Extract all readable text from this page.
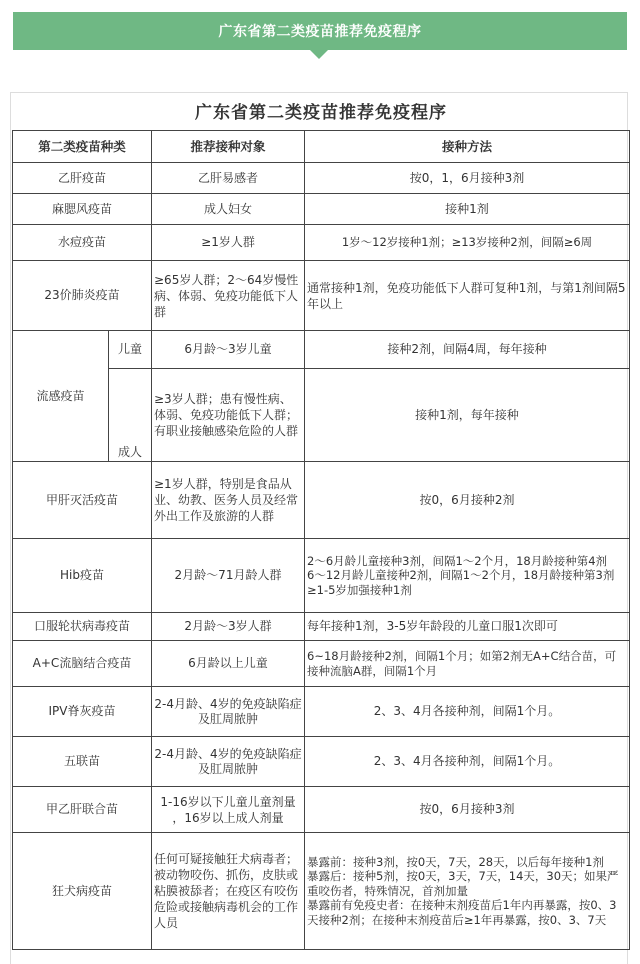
广东省第二类疫苗推荐免疫程序
广东省第二类疫苗推荐免疫程序			
第二类疫苗种类		推荐接种对象	接种方法
乙肝疫苗		乙肝易感者	按0，1，6月接种3剂
麻腮风疫苗		成人妇女	接种1剂
水痘疫苗		≥1岁人群	1岁～12岁接种1剂；≥13岁接种2剂，间隔≥6周
23价肺炎疫苗		≥65岁人群；2～64岁慢性病、体弱、免疫功能低下人群	通常接种1剂，免疫功能低下人群可复种1剂，与第1剂间隔5年以上
流感疫苗	儿童	6月龄～3岁儿童	接种2剂，间隔4周，每年接种
	成人	≥3岁人群；患有慢性病、体弱、免疫功能低下人群；有职业接触感染危险的人群	接种1剂，每年接种
甲肝灭活疫苗		≥1岁人群，特别是食品从业、幼教、医务人员及经常外出工作及旅游的人群	按0，6月接种2剂
Hib疫苗		2月龄～71月龄人群	2～6月龄儿童接种3剂，间隔1～2个月，18月龄接种第4剂
6～12月龄儿童接种2剂，间隔1～2个月，18月龄接种第3剂
≥1-5岁加强接种1剂

口服轮状病毒疫苗		2月龄～3岁人群	每年接种1剂，3-5岁年龄段的儿童口服1次即可
A+C流脑结合疫苗		6月龄以上儿童	6~18月龄接种2剂，间隔1个月；如第2剂无A+C结合苗，可接种流脑A群，间隔1个月
IPV脊灰疫苗		2-4月龄、4岁的免疫缺陷症及肛周脓肿	2、3、4月各接种剂，间隔1个月。
五联苗		2-4月龄、4岁的免疫缺陷症及肛周脓肿	2、3、4月各接种剂，间隔1个月。
甲乙肝联合苗		1-16岁以下儿童儿童剂量
，16岁以上成人剂量	按0，6月接种3剂
狂犬病疫苗		任何可疑接触狂犬病毒者；被动物咬伤、抓伤，皮肤或粘膜被舔者；在疫区有咬伤危险或接触病毒机会的工作人员	暴露前：接种3剂，按0天，7天，28天，以后每年接种1剂
暴露后：接种5剂，按0天，3天，7天，14天，30天；如果严重咬伤者，特殊情况，首剂加量
暴露前有免疫史者：在接种末剂疫苗后1年内再暴露，按0、3天接种2剂；在接种末剂疫苗后≥1年再暴露，按0、3、7天
